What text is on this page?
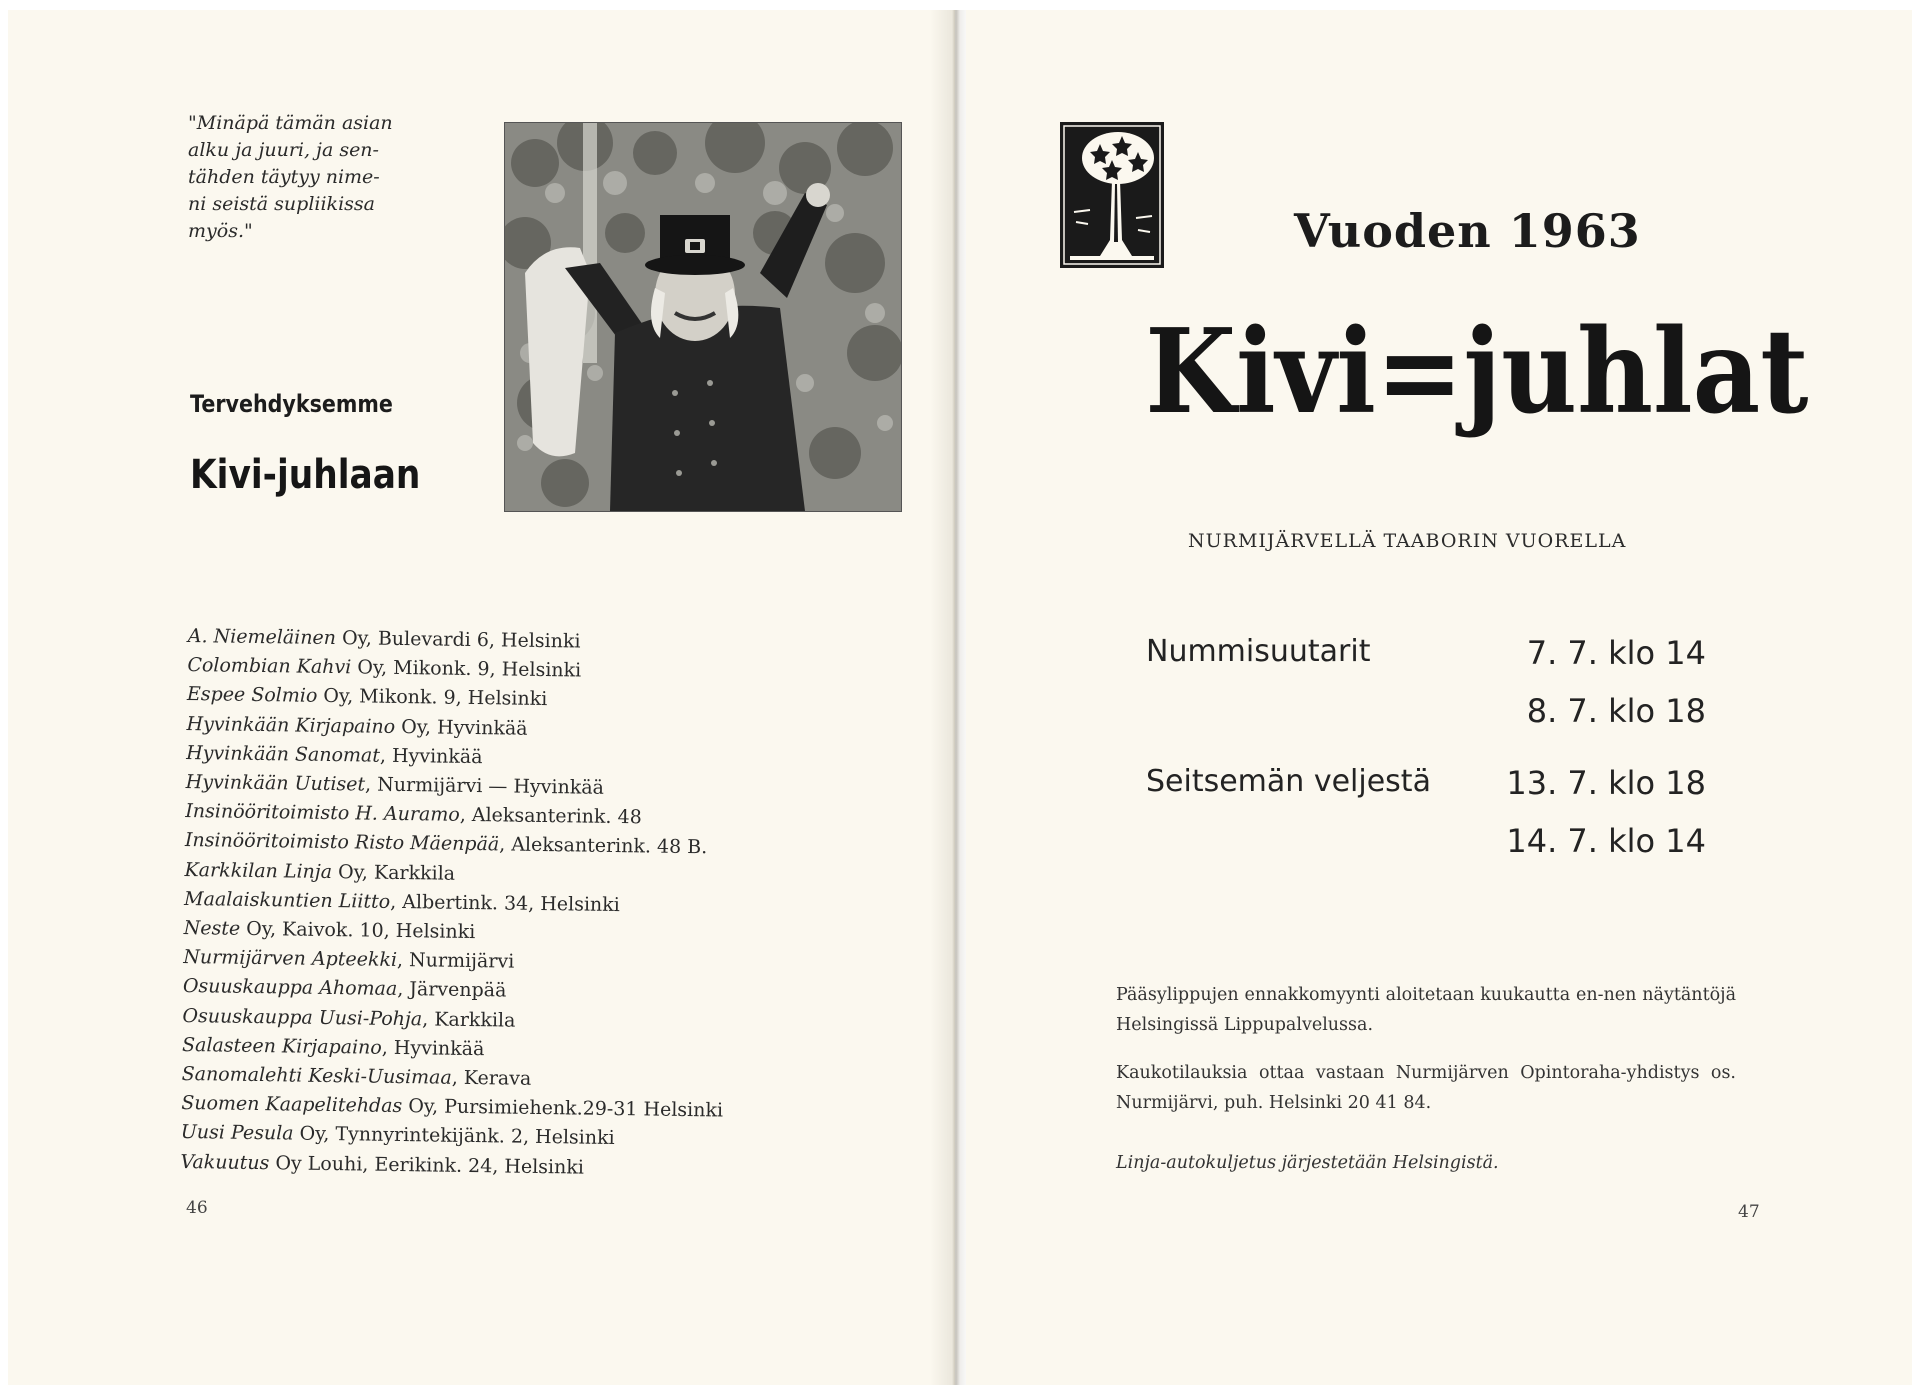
"Minäpä tämän asian
alku ja juuri, ja sen-
tähden täytyy nime-
ni seistä supliikissa
myös."
Tervehdyksemme
Kivi-juhlaan
A. Niemeläinen Oy, Bulevardi 6, Helsinki
Colombian Kahvi Oy, Mikonk. 9, Helsinki
Espee Solmio Oy, Mikonk. 9, Helsinki
Hyvinkään Kirjapaino Oy, Hyvinkää
Hyvinkään Sanomat, Hyvinkää
Hyvinkään Uutiset, Nurmijärvi — Hyvinkää
Insinööritoimisto H. Auramo, Aleksanterink. 48
Insinööritoimisto Risto Mäenpää, Aleksanterink. 48 B.
Karkkilan Linja Oy, Karkkila
Maalaiskuntien Liitto, Albertink. 34, Helsinki
Neste Oy, Kaivok. 10, Helsinki
Nurmijärven Apteekki, Nurmijärvi
Osuuskauppa Ahomaa, Järvenpää
Osuuskauppa Uusi-Pohja, Karkkila
Salasteen Kirjapaino, Hyvinkää
Sanomalehti Keski-Uusimaa, Kerava
Suomen Kaapelitehdas Oy, Pursimiehenk.29-31 Helsinki
Uusi Pesula Oy, Tynnyrintekijänk. 2, Helsinki
Vakuutus Oy Louhi, Eerikink. 24, Helsinki
46
Vuoden 1963
Kivi=juhlat
NURMIJÄRVELLÄ TAABORIN VUORELLA
Nummisuutarit	7. 7. klo 14
8. 7. klo 18
Seitsemän veljestä 13. 7. klo 18
14. 7. klo 14
Pääsylippujen ennakkomyynti aloitetaan kuukautta en-nen näytäntöjä Helsingissä Lippupalvelussa.
Kaukotilauksia ottaa vastaan Nurmijärven Opintoraha-yhdistys os. Nurmijärvi, puh. Helsinki 20 41 84.
Linja-autokuljetus järjestetään Helsingistä.
47
